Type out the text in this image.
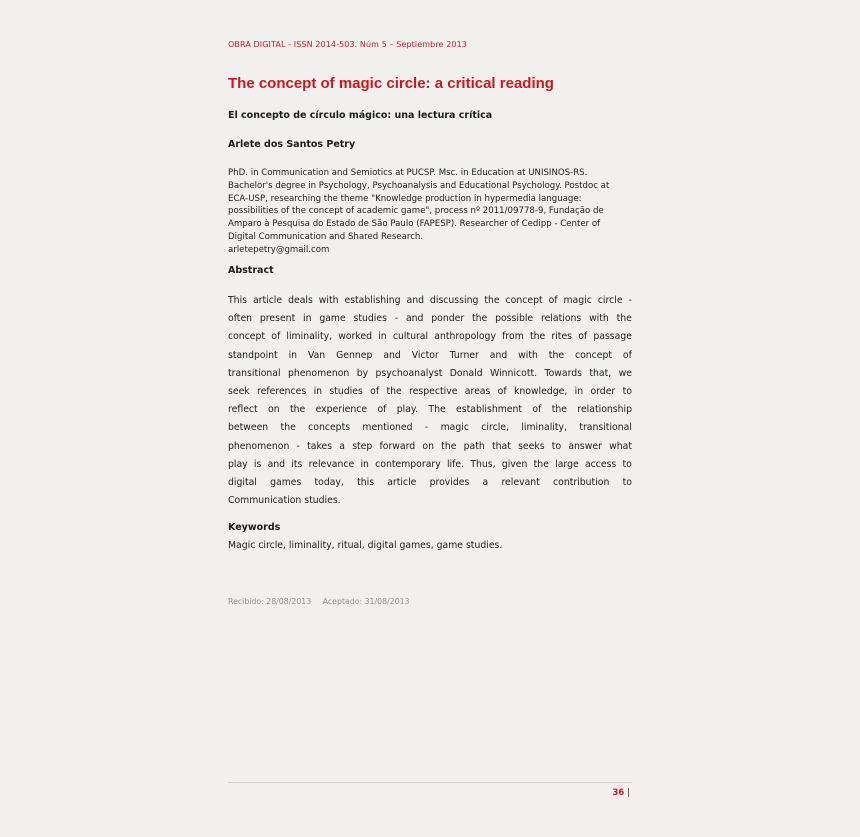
OBRA DIGITAL - ISSN 2014-503. Núm 5 – Septiembre 2013
The concept of magic circle: a critical reading
El concepto de círculo mágico: una lectura crítica
Arlete dos Santos Petry
PhD. in Communication and Semiotics at PUCSP. Msc. in Education at UNISINOS-RS.
Bachelor's degree in Psychology, Psychoanalysis and Educational Psychology. Postdoc at
ECA-USP, researching the theme "Knowledge production in hypermedia language:
possibilities of the concept of academic game", process nº 2011/09778-9, Fundação de
Amparo à Pesquisa do Estado de São Paulo (FAPESP). Researcher of Cedipp - Center of
Digital Communication and Shared Research.
arletepetry@gmail.com
Abstract
This article deals with establishing and discussing the concept of magic circle -
often present in game studies - and ponder the possible relations with the
concept of liminality, worked in cultural anthropology from the rites of passage
standpoint in Van Gennep and Victor Turner and with the concept of
transitional phenomenon by psychoanalyst Donald Winnicott. Towards that, we
seek references in studies of the respective areas of knowledge, in order to
reflect on the experience of play. The establishment of the relationship
between the concepts mentioned - magic circle, liminality, transitional
phenomenon - takes a step forward on the path that seeks to answer what
play is and its relevance in contemporary life. Thus, given the large access to
digital games today, this article provides a relevant contribution to
Communication studies.
Keywords
Magic circle, liminality, ritual, digital games, game studies.
Recibido: 28/08/2013 Aceptado: 31/08/2013
36 |
